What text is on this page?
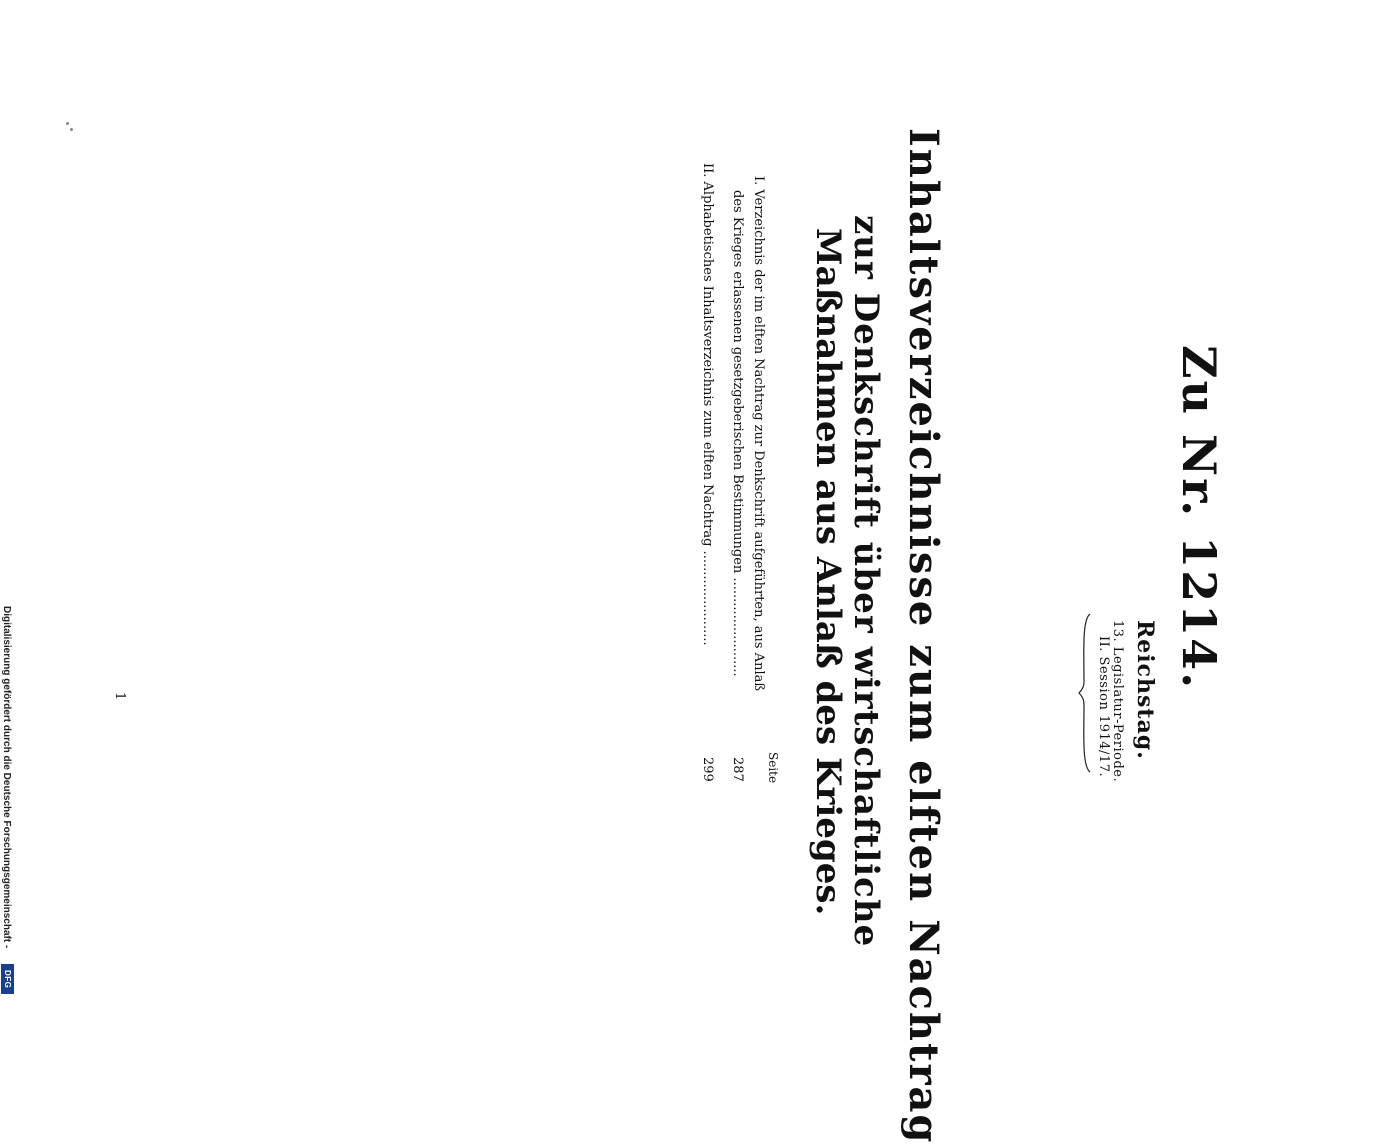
Zu Nr. 1214.
Reichstag.
13. Legislatur-Periode.
II. Session 1914/17.
Inhaltsverzeichnisse zum elften Nachtrag
zur Denkschrift über wirtschaftliche
Maßnahmen aus Anlaß des Krieges.
Seite
I. Verzeichnis der im elften Nachtrag zur Denkschrift aufgeführten, aus Anlaß
des Krieges erlassenen gesetzgeberischen Bestimmungen ........................
287
II. Alphabetisches Inhaltsverzeichnis zum elften Nachtrag .......................
299
1
Digitalisierung gefördert durch die Deutsche Forschungsgemeinschaft -
DFG
